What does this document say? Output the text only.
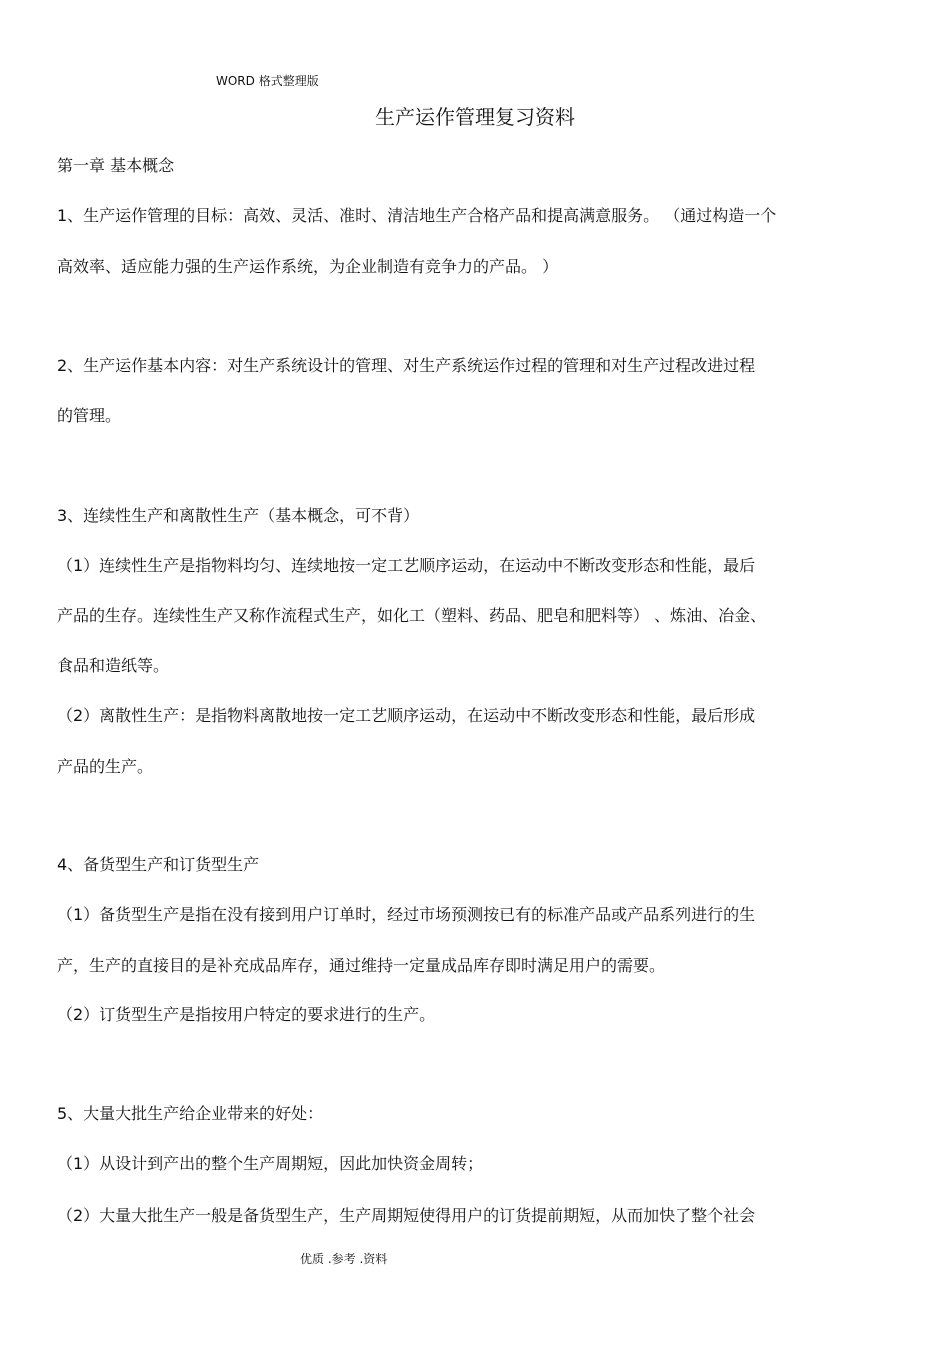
WORD 格式整理版
生产运作管理复习资料
第一章 基本概念
1、生产运作管理的目标：高效、灵活、准时、清洁地生产合格产品和提高满意服务。 （通过构造一个
高效率、适应能力强的生产运作系统，为企业制造有竞争力的产品。 ）
2、生产运作基本内容：对生产系统设计的管理、对生产系统运作过程的管理和对生产过程改进过程
的管理。
3、连续性生产和离散性生产（基本概念，可不背）
（1）连续性生产是指物料均匀、连续地按一定工艺顺序运动，在运动中不断改变形态和性能，最后
产品的生存。连续性生产又称作流程式生产，如化工（塑料、药品、肥皂和肥料等） 、炼油、冶金、
食品和造纸等。
（2）离散性生产：是指物料离散地按一定工艺顺序运动，在运动中不断改变形态和性能，最后形成
产品的生产。
4、备货型生产和订货型生产
（1）备货型生产是指在没有接到用户订单时，经过市场预测按已有的标准产品或产品系列进行的生
产，生产的直接目的是补充成品库存，通过维持一定量成品库存即时满足用户的需要。
（2）订货型生产是指按用户特定的要求进行的生产。
5、大量大批生产给企业带来的好处：
（1）从设计到产出的整个生产周期短，因此加快资金周转；
（2）大量大批生产一般是备货型生产，生产周期短使得用户的订货提前期短，从而加快了整个社会
优质 .参考 .资料
